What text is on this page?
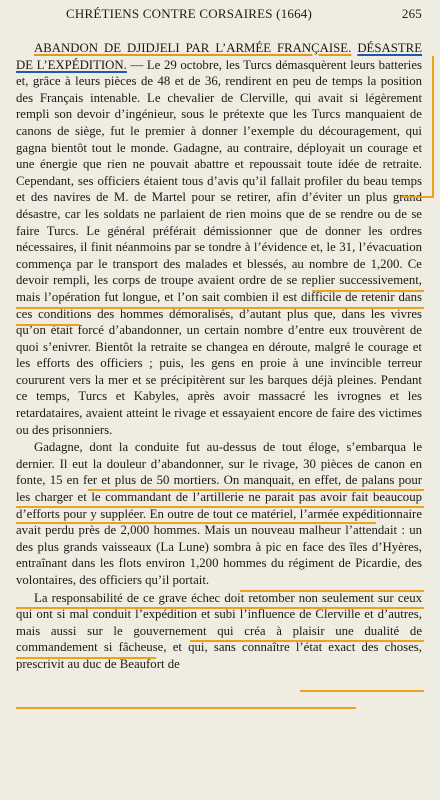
CHRÉTIENS CONTRE CORSAIRES (1664)	265

ABANDON DE DJIDJELI PAR L’ARMÉE FRANÇAISE. DÉSASTRE DE L’EXPÉDITION. — Le 29 octobre, les Turcs démasquèrent leurs batteries et, grâce à leurs pièces de 48 et de 36, rendirent en peu de temps la position des Français intenable. Le chevalier de Clerville, qui avait si légèrement rempli son devoir d’ingénieur, sous le prétexte que les Turcs manquaient de canons de siège, fut le premier à donner l’exemple du découragement, qui gagna bientôt tout le monde. Gadagne, au contraire, déployait un courage et une énergie que rien ne pouvait abattre et repoussait toute idée de retraite. Cependant, ses officiers étaient tous d’avis qu’il fallait profiler du beau temps et des navires de M. de Martel pour se retirer, afin d’éviter un plus grand désastre, car les soldats ne parlaient de rien moins que de se rendre ou de se faire Turcs. Le général préférait démissionner que de donner les ordres nécessaires, il finit néanmoins par se tondre à l’évidence et, le 31, l’évacuation commença par le transport des malades et blessés, au nombre de 1,200. Ce devoir rempli, les corps de troupe avaient ordre de se replier successivement, mais l’opération fut longue, et l’on sait combien il est difficile de retenir dans ces conditions des hommes démoralisés, d’autant plus que, dans les vivres qu’on était forcé d’abandonner, un certain nombre d’entre eux trouvèrent de quoi s’enivrer. Bientôt la retraite se changea en déroute, malgré le courage et les efforts des officiers ; puis, les gens en proie à une invincible terreur coururent vers la mer et se précipitèrent sur les barques déjà pleines. Pendant ce temps, Turcs et Kabyles, après avoir massacré les ivrognes et les retardataires, avaient atteint le rivage et essayaient encore de faire des victimes ou des prisonniers.

Gadagne, dont la conduite fut au-dessus de tout éloge, s’embarqua le dernier. Il eut la douleur d’abandonner, sur le rivage, 30 pièces de canon en fonte, 15 en fer et plus de 50 mortiers. On manquait, en effet, de palans pour les charger et le commandant de l’artillerie ne parait pas avoir fait beaucoup d’efforts pour y suppléer. En outre de tout ce matériel, l’armée expéditionnaire avait perdu près de 2,000 hommes. Mais un nouveau malheur l’attendait : un des plus grands vaisseaux (La Lune) sombra à pic en face des îles d’Hyères, entraînant dans les flots environ 1,200 hommes du régiment de Picardie, des volontaires, des officiers qu’il portait.

La responsabilité de ce grave échec doit retomber non seulement sur ceux qui ont si mal conduit l’expédition et subi l’influence de Clerville et d’autres, mais aussi sur le gouvernement qui créa à plaisir une dualité de commandement si fâcheuse, et qui, sans connaître l’état exact des choses, prescrivit au duc de Beaufort de
